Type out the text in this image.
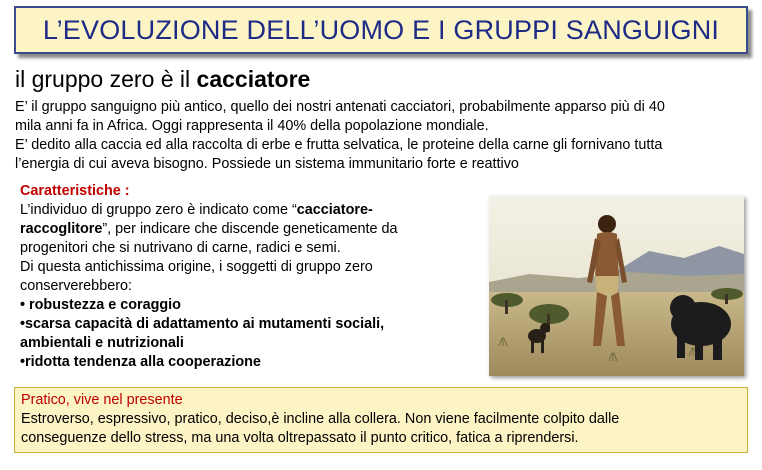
L’EVOLUZIONE DELL’UOMO E I GRUPPI SANGUIGNI
il gruppo zero è il cacciatore

E’ il gruppo sanguigno più antico, quello dei nostri antenati cacciatori, probabilmente apparso più di 40

mila anni fa in Africa. Oggi rappresenta il 40% della popolazione mondiale.

E’ dedito alla caccia ed alla raccolta di erbe e frutta selvatica, le proteine della carne gli fornivano tutta

l’energia di cui aveva bisogno. Possiede un sistema immunitario forte e reattivo

Caratteristiche :
L’individuo di gruppo zero è indicato come “cacciatore-
raccoglitore”, per indicare che discende geneticamente da
progenitori che si nutrivano di carne, radici e semi.
Di questa antichissima origine, i soggetti di gruppo zero
conserverebbero:
• robustezza e coraggio
•scarsa capacità di adattamento ai mutamenti sociali,
ambientali e nutrizionali
•ridotta tendenza alla cooperazione
Pratico, vive nel presente
Estroverso, espressivo, pratico, deciso,è incline alla collera. Non viene facilmente colpito dalle
conseguenze dello stress, ma una volta oltrepassato il punto critico, fatica a riprendersi.
